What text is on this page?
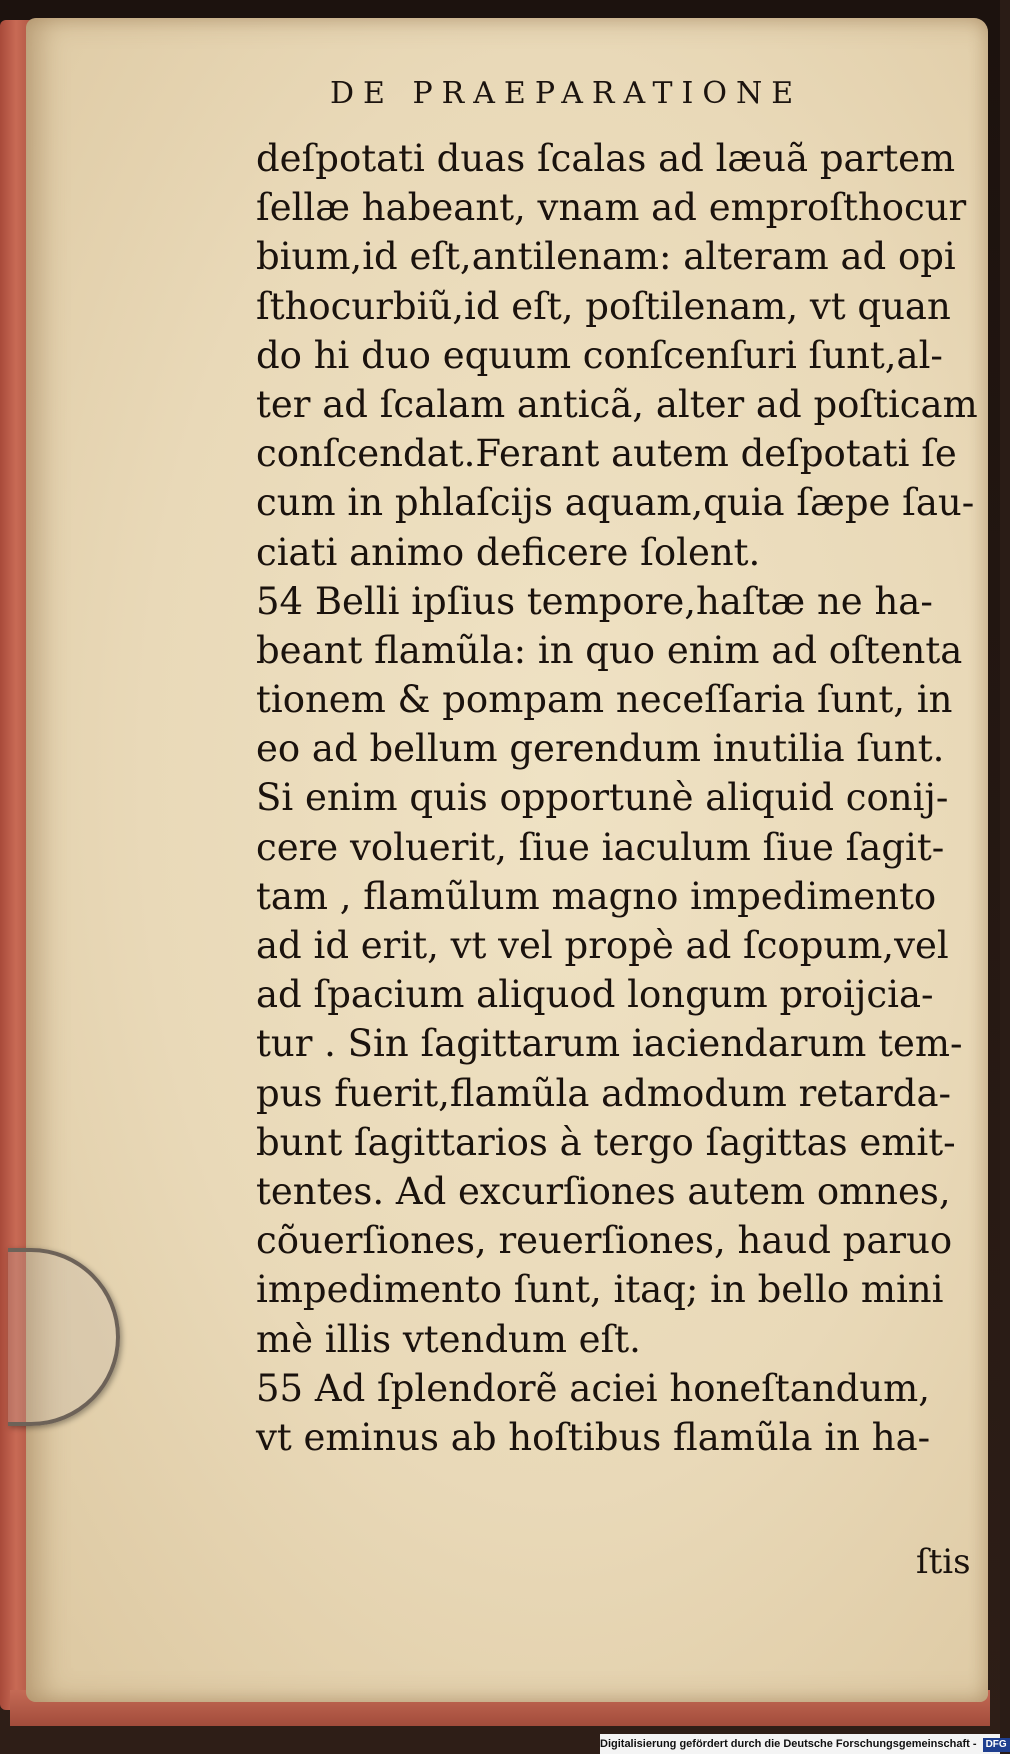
DE PRAEPARATIONE
deſpotati duas ſcalas ad læuã partem
ſellæ habeant, vnam ad emproſthocur
bium,id eſt,antilenam: alteram ad opi
ſthocurbiũ,id eſt, poſtilenam, vt quan
do hi duo equum conſcenſuri ſunt,al-
ter ad ſcalam anticã, alter ad poſticam
conſcendat.Ferant autem deſpotati ſe
cum in phlaſcijs aquam,quia ſæpe ſau-
ciati animo deficere ſolent.
54 Belli ipſius tempore,haſtæ ne ha-
beant flamũla: in quo enim ad oſtenta
tionem & pompam neceſſaria ſunt, in
eo ad bellum gerendum inutilia ſunt.
Si enim quis opportunè aliquid conij-
cere voluerit, ſiue iaculum ſiue ſagit-
tam , flamũlum magno impedimento
ad id erit, vt vel propè ad ſcopum,vel
ad ſpacium aliquod longum proijcia-
tur . Sin ſagittarum iaciendarum tem-
pus fuerit,flamũla admodum retarda-
bunt ſagittarios à tergo ſagittas emit-
tentes. Ad excurſiones autem omnes,
cõuerſiones, reuerſiones, haud paruo
impedimento ſunt, itaq; in bello mini
mè illis vtendum eſt.
55 Ad ſplendorẽ aciei honeſtandum,
vt eminus ab hoſtibus flamũla in ha-
ſtis
Digitalisierung gefördert durch die Deutsche Forschungsgemeinschaft - DFG
